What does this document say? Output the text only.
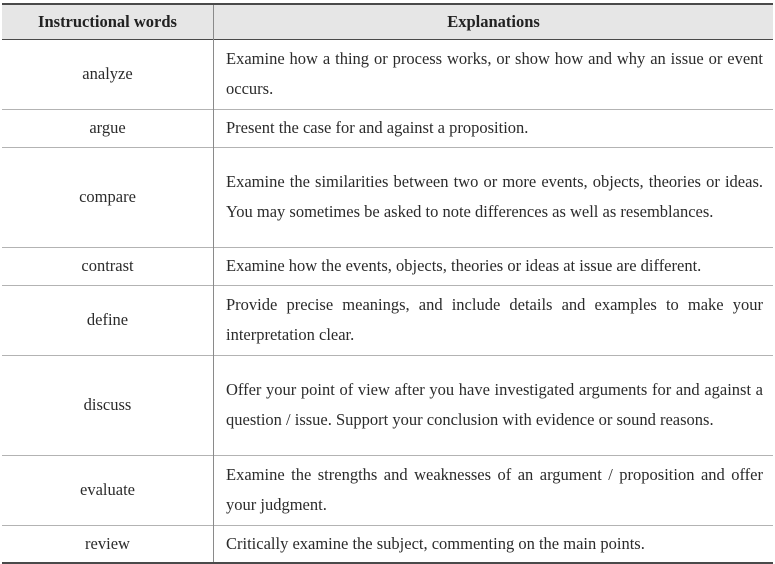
Instructional words	Explanations
analyze	Examine how a thing or process works, or show how and why an issue or event occurs.
argue	Present the case for and against a proposition.
compare	Examine the similarities between two or more events, objects, theories or ideas. You may sometimes be asked to note differences as well as resemblances.
contrast	Examine how the events, objects, theories or ideas at issue are different.
define	Provide precise meanings, and include details and examples to make your interpretation clear.
discuss	Offer your point of view after you have investigated arguments for and against a question / issue. Support your conclusion with evidence or sound reasons.
evaluate	Examine the strengths and weaknesses of an argument / proposition and offer your judgment.
review	Critically examine the subject, commenting on the main points.
